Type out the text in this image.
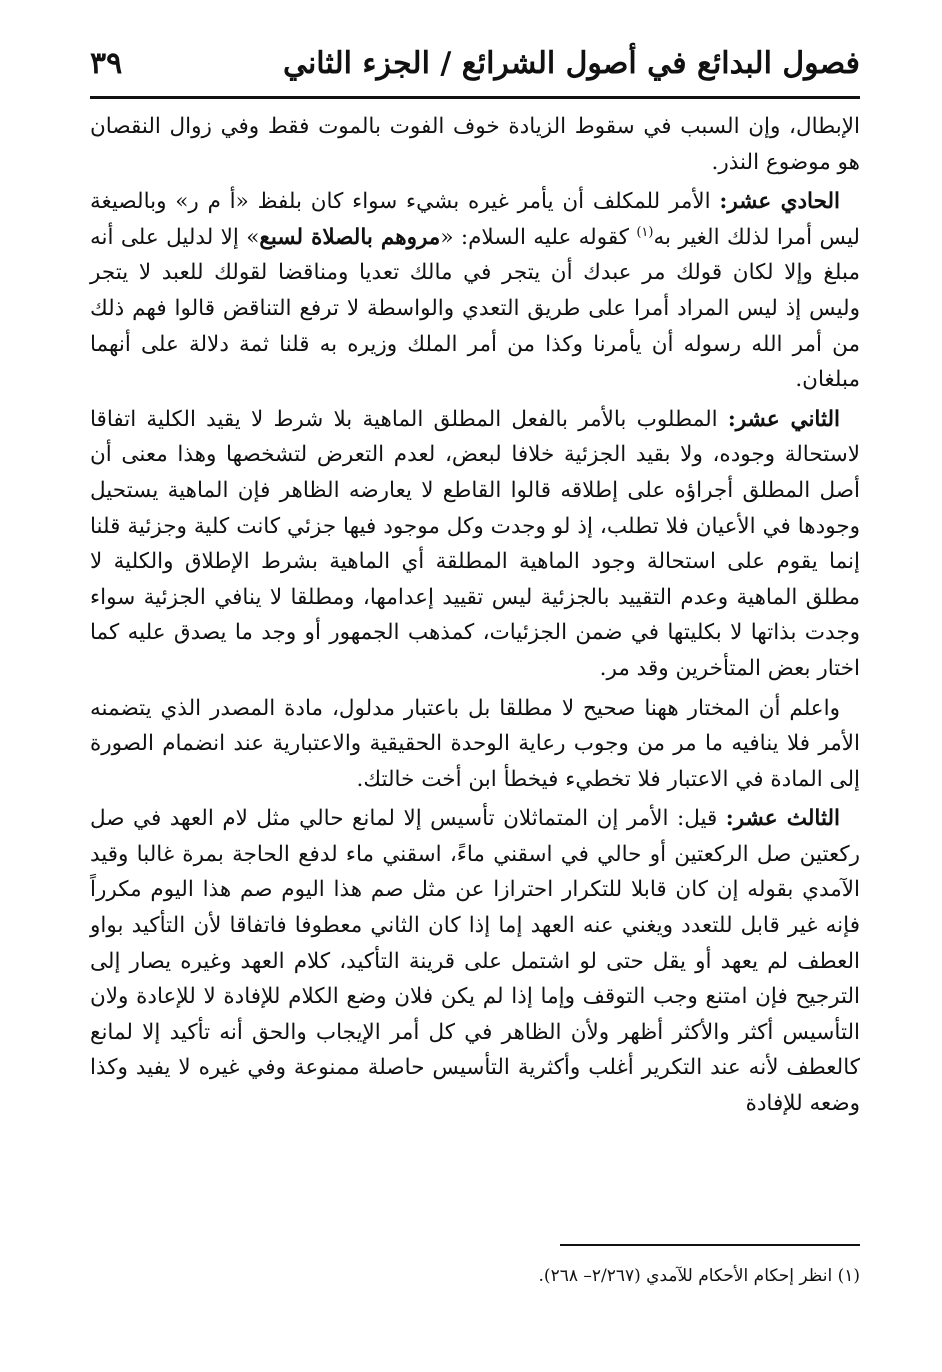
فصول البدائع في أصول الشرائع / الجزء الثاني
٣٩

الإبطال، وإن السبب في سقوط الزيادة خوف الفوت بالموت فقط وفي زوال النقصان هو موضوع النذر.

الحادي عشر: الأمر للمكلف أن يأمر غيره بشيء سواء كان بلفظ «أ م ر» وبالصيغة ليس أمرا لذلك الغير به$^{(١)}$ كقوله عليه السلام: «مروهم بالصلاة لسبع» إلا لدليل على أنه مبلغ وإلا لكان قولك مر عبدك أن يتجر في مالك تعديا ومناقضا لقولك للعبد لا يتجر وليس إذ ليس المراد أمرا على طريق التعدي والواسطة لا ترفع التناقض قالوا فهم ذلك من أمر الله رسوله أن يأمرنا وكذا من أمر الملك وزيره به قلنا ثمة دلالة على أنهما مبلغان.

الثاني عشر: المطلوب بالأمر بالفعل المطلق الماهية بلا شرط لا يقيد الكلية اتفاقا لاستحالة وجوده، ولا بقيد الجزئية خلافا لبعض، لعدم التعرض لتشخصها وهذا معنى أن أصل المطلق أجراؤه على إطلاقه قالوا القاطع لا يعارضه الظاهر فإن الماهية يستحيل وجودها في الأعيان فلا تطلب، إذ لو وجدت وكل موجود فيها جزئي كانت كلية وجزئية قلنا إنما يقوم على استحالة وجود الماهية المطلقة أي الماهية بشرط الإطلاق والكلية لا مطلق الماهية وعدم التقييد بالجزئية ليس تقييد إعدامها، ومطلقا لا ينافي الجزئية سواء وجدت بذاتها لا بكليتها في ضمن الجزئيات، كمذهب الجمهور أو وجد ما يصدق عليه كما اختار بعض المتأخرين وقد مر.

واعلم أن المختار ههنا صحيح لا مطلقا بل باعتبار مدلول، مادة المصدر الذي يتضمنه الأمر فلا ينافيه ما مر من وجوب رعاية الوحدة الحقيقية والاعتبارية عند انضمام الصورة إلى المادة في الاعتبار فلا تخطيء فيخطأ ابن أخت خالتك.

الثالث عشر: قيل: الأمر إن المتماثلان تأسيس إلا لمانع حالي مثل لام العهد في صل ركعتين صل الركعتين أو حالي في اسقني ماءً، اسقني ماء لدفع الحاجة بمرة غالبا وقيد الآمدي بقوله إن كان قابلا للتكرار احترازا عن مثل صم هذا اليوم صم هذا اليوم مكرراً فإنه غير قابل للتعدد ويغني عنه العهد إما إذا كان الثاني معطوفا فاتفاقا لأن التأكيد بواو العطف لم يعهد أو يقل حتى لو اشتمل على قرينة التأكيد، كلام العهد وغيره يصار إلى الترجيح فإن امتنع وجب التوقف وإما إذا لم يكن فلان وضع الكلام للإفادة لا للإعادة ولان التأسيس أكثر والأكثر أظهر ولأن الظاهر في كل أمر الإيجاب والحق أنه تأكيد إلا لمانع كالعطف لأنه عند التكرير أغلب وأكثرية التأسيس حاصلة ممنوعة وفي غيره لا يفيد وكذا وضعه للإفادة

(١) انظر إحكام الأحكام للآمدي (٢/٢٦٧– ٢٦٨).
